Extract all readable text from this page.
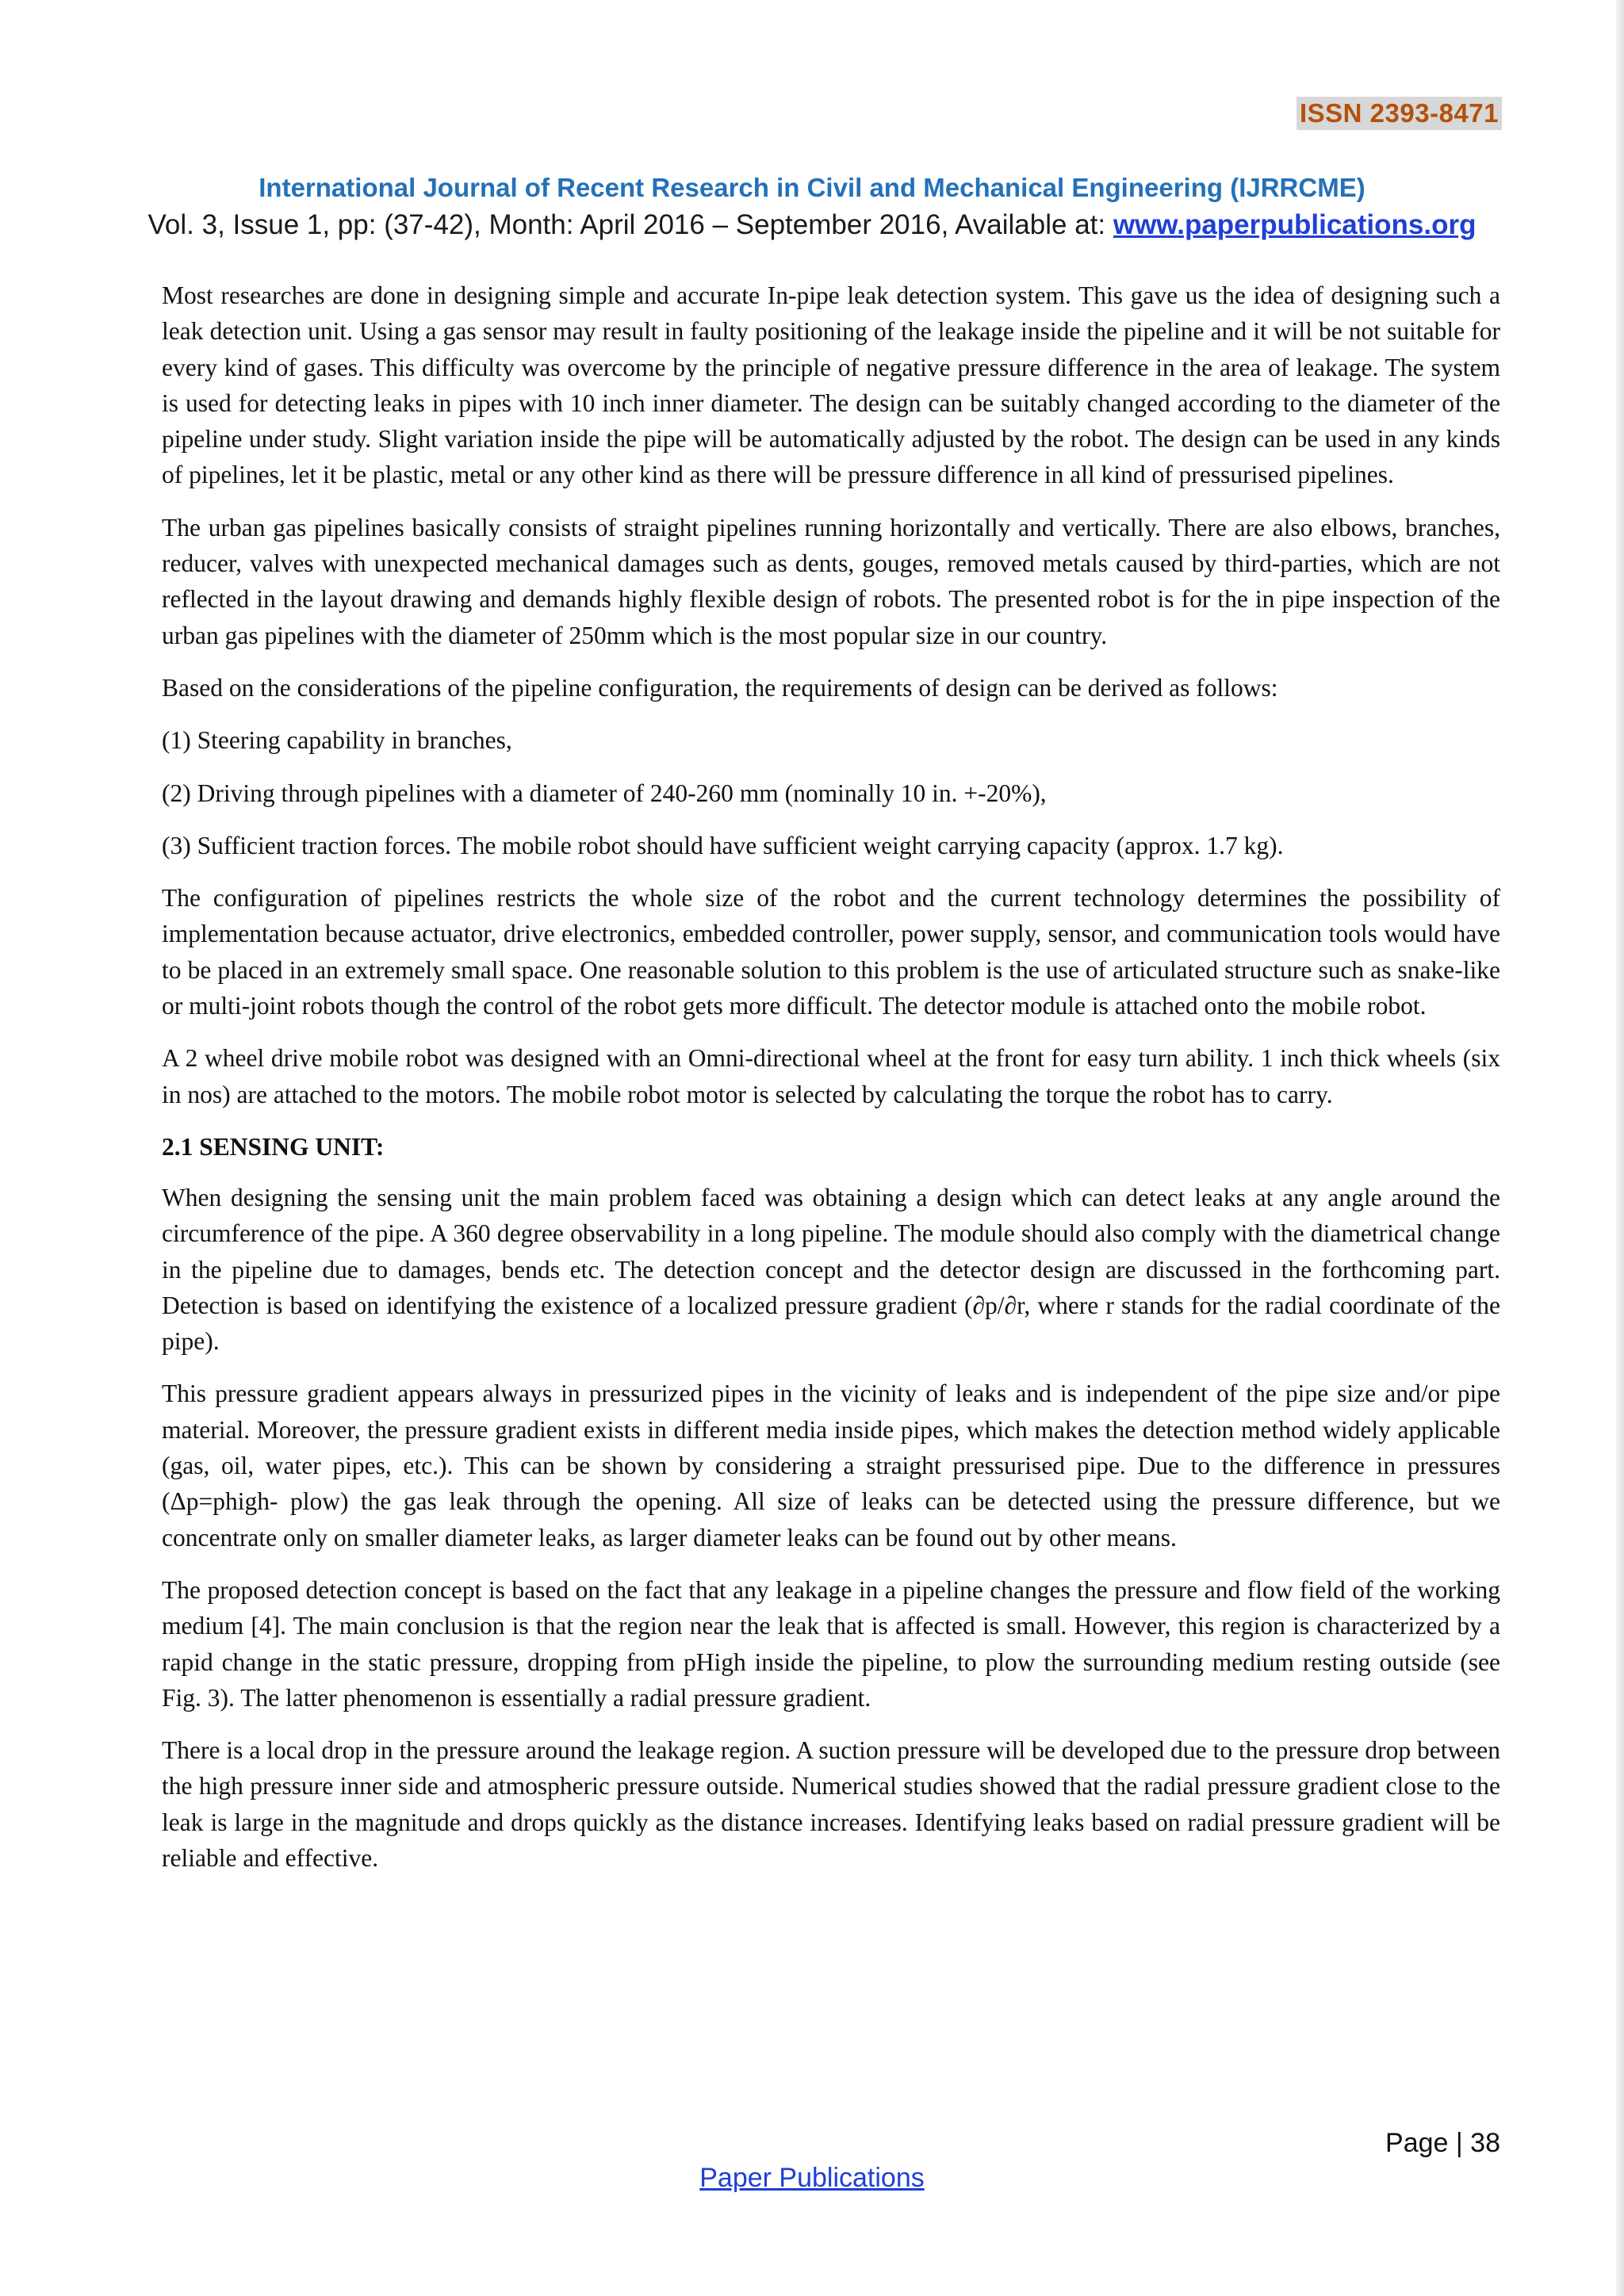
ISSN 2393-8471
International Journal of Recent Research in Civil and Mechanical Engineering (IJRRCME)
Vol. 3, Issue 1, pp: (37-42), Month: April 2016 – September 2016, Available at: www.paperpublications.org

Most researches are done in designing simple and accurate In-pipe leak detection system. This gave us the idea of designing such a leak detection unit. Using a gas sensor may result in faulty positioning of the leakage inside the pipeline and it will be not suitable for every kind of gases. This difficulty was overcome by the principle of negative pressure difference in the area of leakage. The system is used for detecting leaks in pipes with 10 inch inner diameter. The design can be suitably changed according to the diameter of the pipeline under study. Slight variation inside the pipe will be automatically adjusted by the robot. The design can be used in any kinds of pipelines, let it be plastic, metal or any other kind as there will be pressure difference in all kind of pressurised pipelines.

The urban gas pipelines basically consists of straight pipelines running horizontally and vertically. There are also elbows, branches, reducer, valves with unexpected mechanical damages such as dents, gouges, removed metals caused by third-parties, which are not reflected in the layout drawing and demands highly flexible design of robots. The presented robot is for the in pipe inspection of the urban gas pipelines with the diameter of 250mm which is the most popular size in our country.

Based on the considerations of the pipeline configuration, the requirements of design can be derived as follows:

(1) Steering capability in branches,

(2) Driving through pipelines with a diameter of 240-260 mm (nominally 10 in. +-20%),

(3) Sufficient traction forces. The mobile robot should have sufficient weight carrying capacity (approx. 1.7 kg).

The configuration of pipelines restricts the whole size of the robot and the current technology determines the possibility of implementation because actuator, drive electronics, embedded controller, power supply, sensor, and communication tools would have to be placed in an extremely small space. One reasonable solution to this problem is the use of articulated structure such as snake-like or multi-joint robots though the control of the robot gets more difficult. The detector module is attached onto the mobile robot.

A 2 wheel drive mobile robot was designed with an Omni-directional wheel at the front for easy turn ability. 1 inch thick wheels (six in nos) are attached to the motors. The mobile robot motor is selected by calculating the torque the robot has to carry.

2.1 SENSING UNIT:

When designing the sensing unit the main problem faced was obtaining a design which can detect leaks at any angle around the circumference of the pipe. A 360 degree observability in a long pipeline. The module should also comply with the diametrical change in the pipeline due to damages, bends etc. The detection concept and the detector design are discussed in the forthcoming part. Detection is based on identifying the existence of a localized pressure gradient (∂p/∂r, where r stands for the radial coordinate of the pipe).

This pressure gradient appears always in pressurized pipes in the vicinity of leaks and is independent of the pipe size and/or pipe material. Moreover, the pressure gradient exists in different media inside pipes, which makes the detection method widely applicable (gas, oil, water pipes, etc.). This can be shown by considering a straight pressurised pipe. Due to the difference in pressures (Δp=phigh- plow) the gas leak through the opening. All size of leaks can be detected using the pressure difference, but we concentrate only on smaller diameter leaks, as larger diameter leaks can be found out by other means.

The proposed detection concept is based on the fact that any leakage in a pipeline changes the pressure and flow field of the working medium [4]. The main conclusion is that the region near the leak that is affected is small. However, this region is characterized by a rapid change in the static pressure, dropping from pHigh inside the pipeline, to plow the surrounding medium resting outside (see Fig. 3). The latter phenomenon is essentially a radial pressure gradient.

There is a local drop in the pressure around the leakage region. A suction pressure will be developed due to the pressure drop between the high pressure inner side and atmospheric pressure outside. Numerical studies showed that the radial pressure gradient close to the leak is large in the magnitude and drops quickly as the distance increases. Identifying leaks based on radial pressure gradient will be reliable and effective.

Page | 38
Paper Publications
